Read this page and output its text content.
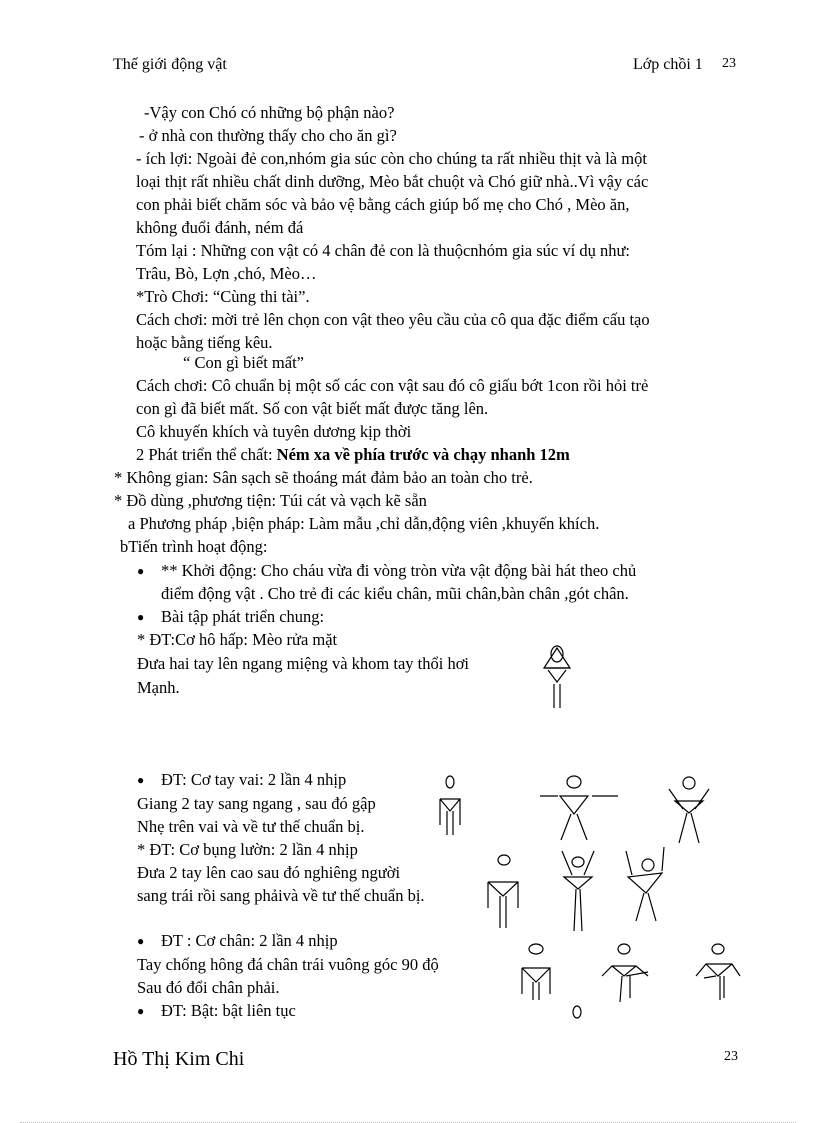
Thế giới động vật	Lớp chồi 1 23
-Vậy con Chó có những bộ phận nào?
- ở nhà con thường thấy cho cho ăn gì?
- ích lợi: Ngoài đẻ con,nhóm gia súc còn cho chúng ta rất nhiều thịt và là một
loại thịt rất nhiều chất dinh dưỡng, Mèo bắt chuột và Chó giữ nhà..Vì vậy các
con phải biết chăm sóc và bảo vệ bằng cách giúp bố mẹ cho Chó , Mèo ăn,
không đuổi đánh, ném đá
Tóm lại : Những con vật có 4 chân đẻ con là thuộcnhóm gia súc ví dụ như:
Trâu, Bò, Lợn ,chó, Mèo…
*Trò Chơi: “Cùng thi tài”.
Cách chơi: mời trẻ lên chọn con vật theo yêu cầu của cô qua đặc điểm cấu tạo
hoặc bằng tiếng kêu.
“ Con gì biết mất”
Cách chơi: Cô chuẩn bị một số các con vật sau đó cô giấu bớt 1con rồi hỏi trẻ
con gì đã biết mất. Số con vật biết mất được tăng lên.
Cô khuyến khích và tuyên dương kịp thời
2 Phát triển thể chất: Ném xa về phía trước và chạy nhanh 12m
* Không gian: Sân sạch sẽ thoáng mát đảm bảo an toàn cho trẻ.
* Đồ dùng ,phương tiện: Túi cát và vạch kẽ sẵn
a Phương pháp ,biện pháp: Làm mẫu ,chỉ dẫn,động viên ,khuyến khích.
bTiến trình hoạt động:
● ** Khởi động: Cho cháu vừa đi vòng tròn vừa vật động bài hát theo chủ
điểm động vật . Cho trẻ đi các kiểu chân, mũi chân,bàn chân ,gót chân.
● Bài tập phát triển chung:
* ĐT:Cơ hô hấp: Mèo rửa mặt
Đưa hai tay lên ngang miệng và khom tay thổi hơi
Mạnh.
● ĐT: Cơ tay vai: 2 lần 4 nhịp
Giang 2 tay sang ngang , sau đó gập
Nhẹ trên vai và về tư thế chuẩn bị.
* ĐT: Cơ bụng lườn: 2 lần 4 nhịp
Đưa 2 tay lên cao sau đó nghiêng người
sang trái rồi sang phảivà về tư thế chuẩn bị.
● ĐT : Cơ chân: 2 lần 4 nhịp
Tay chống hông đá chân trái vuông góc 90 độ
Sau đó đổi chân phải.
● ĐT: Bật: bật liên tục
Hồ Thị Kim Chi	23
